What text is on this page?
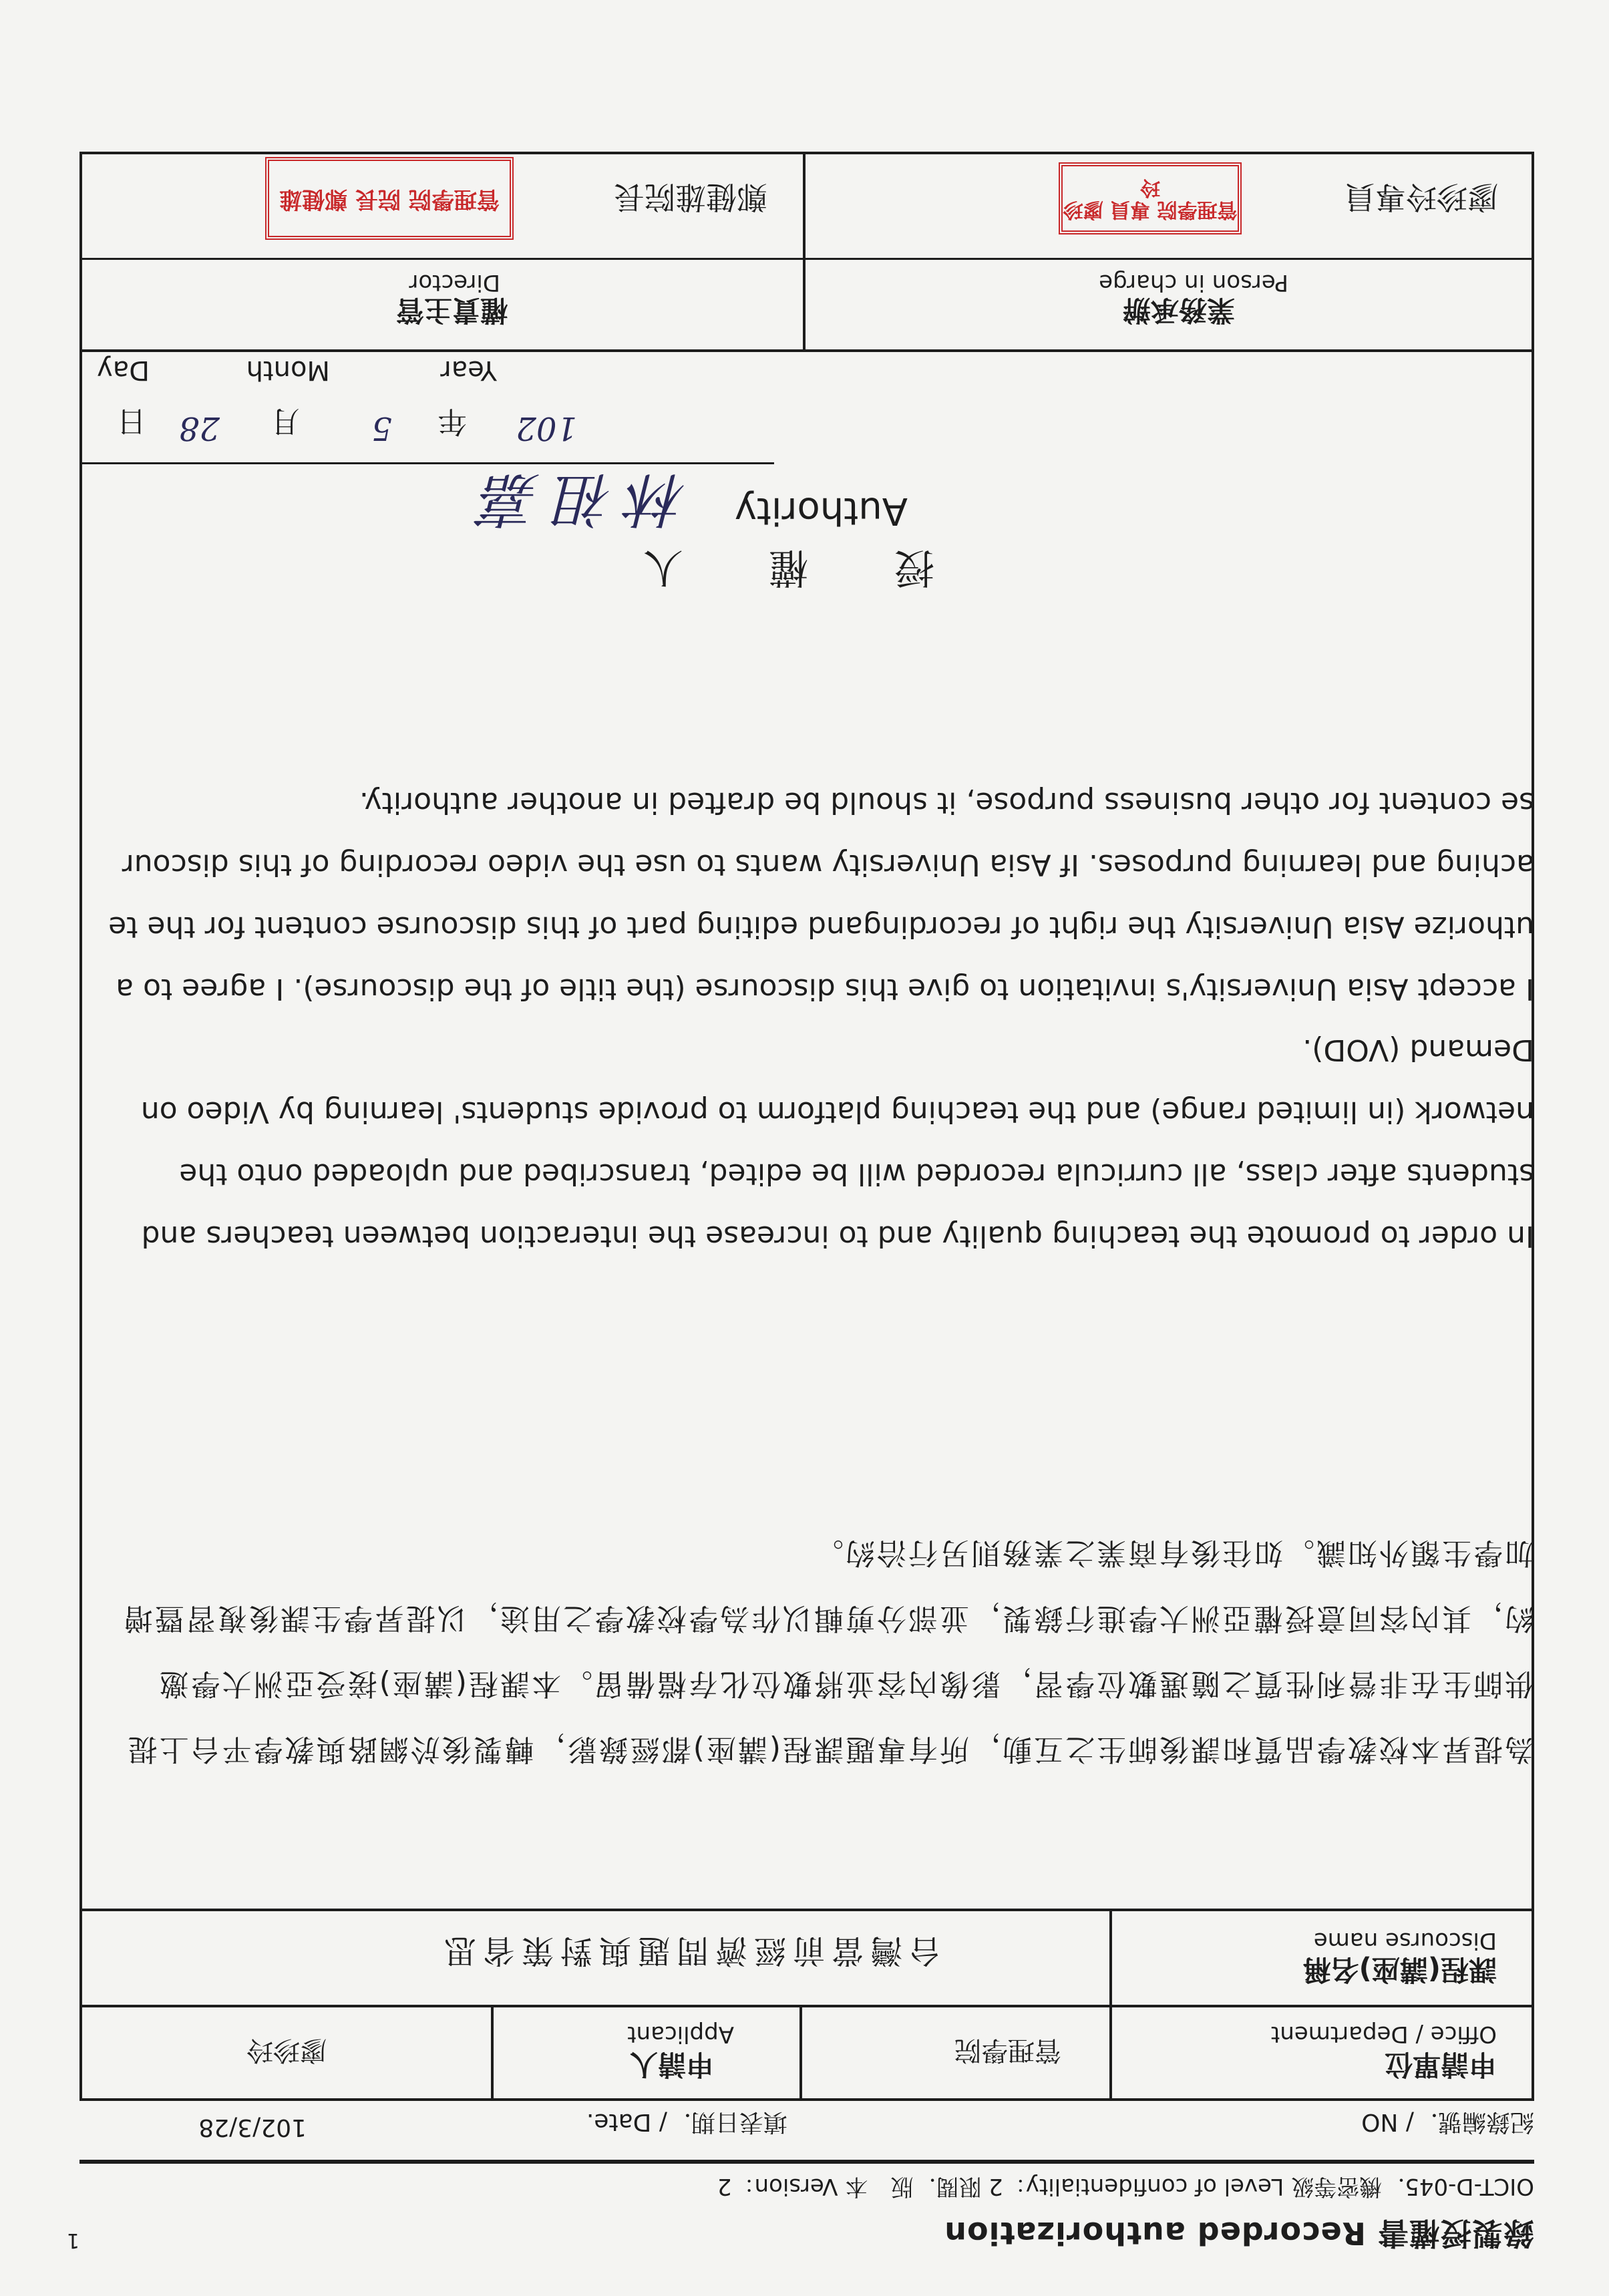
1	錄製授權書 Recorded authorization
OICT-D-045．機密等級 Level of confidentiality：2 限閱．版　本 Version：2
紀錄編號．/ NO
填表日期．/ Date.
102/3/28
申請單位
Office / Department
管理學院
申請人
Applicant
廖珍玲
課程(講座)名稱
Discourse name
台灣當前經濟問題與對策省思
為提昇本校教學品質和課後師生之互動，所有專題課程(講座)都經錄影，轉製後於網路與教學平台上提供師生在非營利性質之隨選數位學習，影像內容並將數位化存檔備留。本課程(講座)接受亞洲大學邀約，其內容同意授權亞洲大學進行錄製，並部分剪輯以作為學校教學之用途，以提昇學生課後複習暨增加學生額外知識。如往後有商業之業務則另行洽約。
In order to promote the teaching quality and to increase the interaction between teachers and students after class, all curricula recorded will be edited, transcribed and uploaded onto the network (in limited range) and the teaching platform to provide students' learning by Video on Demand (VOD).
I accept Asia University's invitation to give this discourse (the title of the discourse). I agree to authorize Asia University the right of recordingand editing part of this discourse content for the teaching and learning purposes. If Asia University wants to use the video recording of this discourse content for other business purpose, it should be drafted in another authority.
授　權　人
Authority
林祖嘉
102
年
5
月
28
日
Year
Month
Day
業務承辦
Person in charge
權責主管
Director
廖珍玲專員
管理學院 專員 廖珍玲
鄭健雄院長
管理學院 院長 鄭健雄
